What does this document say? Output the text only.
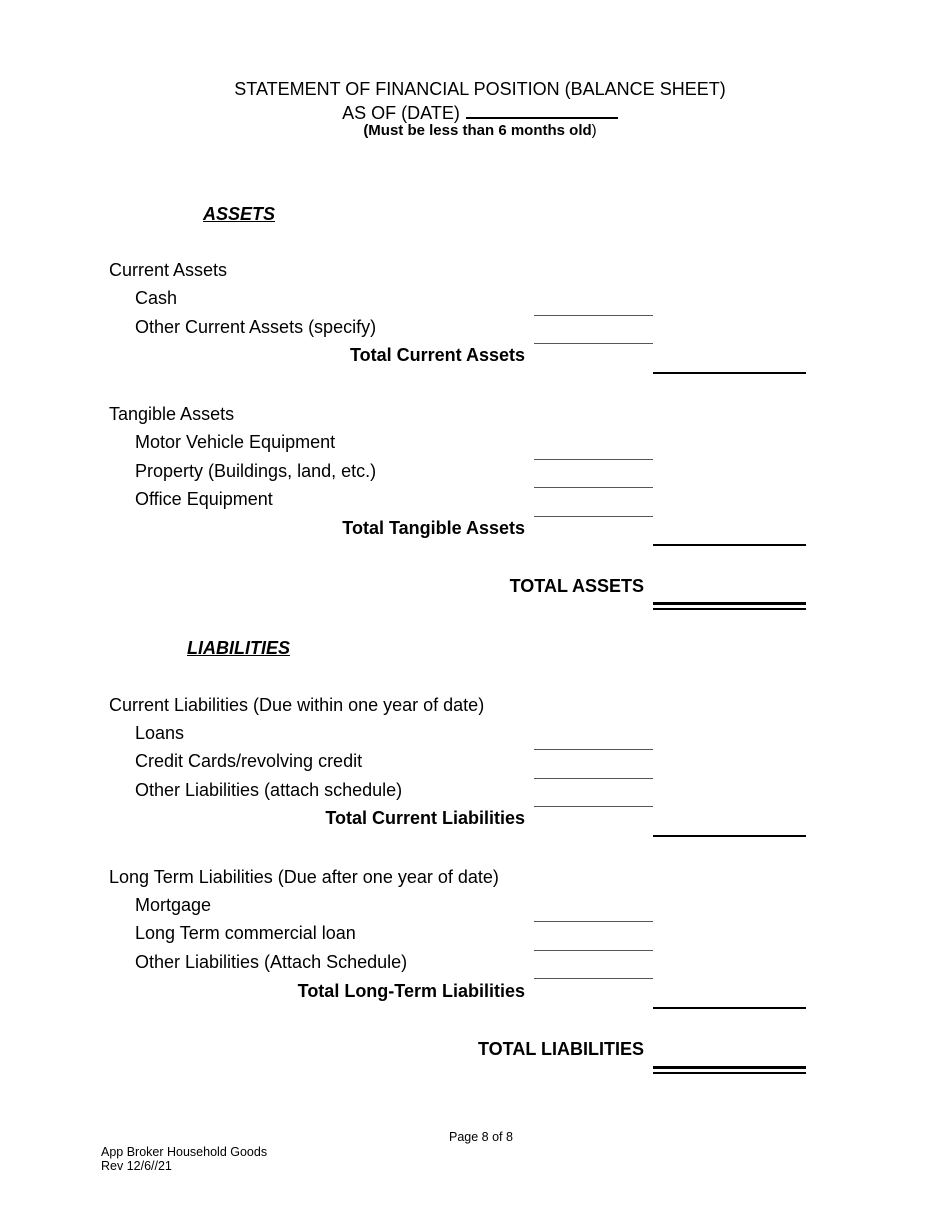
STATEMENT OF FINANCIAL POSITION (BALANCE SHEET)
AS OF (DATE)
(Must be less than 6 months old)
ASSETS
Current Assets
Cash
Other Current Assets (specify)
Total Current Assets
Tangible Assets
Motor Vehicle Equipment
Property (Buildings, land, etc.)
Office Equipment
Total Tangible Assets
TOTAL ASSETS
LIABILITIES
Current Liabilities (Due within one year of date)
Loans
Credit Cards/revolving credit
Other Liabilities (attach schedule)
Total Current Liabilities
Long Term Liabilities (Due after one year of date)
Mortgage
Long Term commercial loan
Other Liabilities (Attach Schedule)
Total Long-Term Liabilities
TOTAL LIABILITIES
Page 8 of 8
App Broker Household Goods
Rev 12/6//21
